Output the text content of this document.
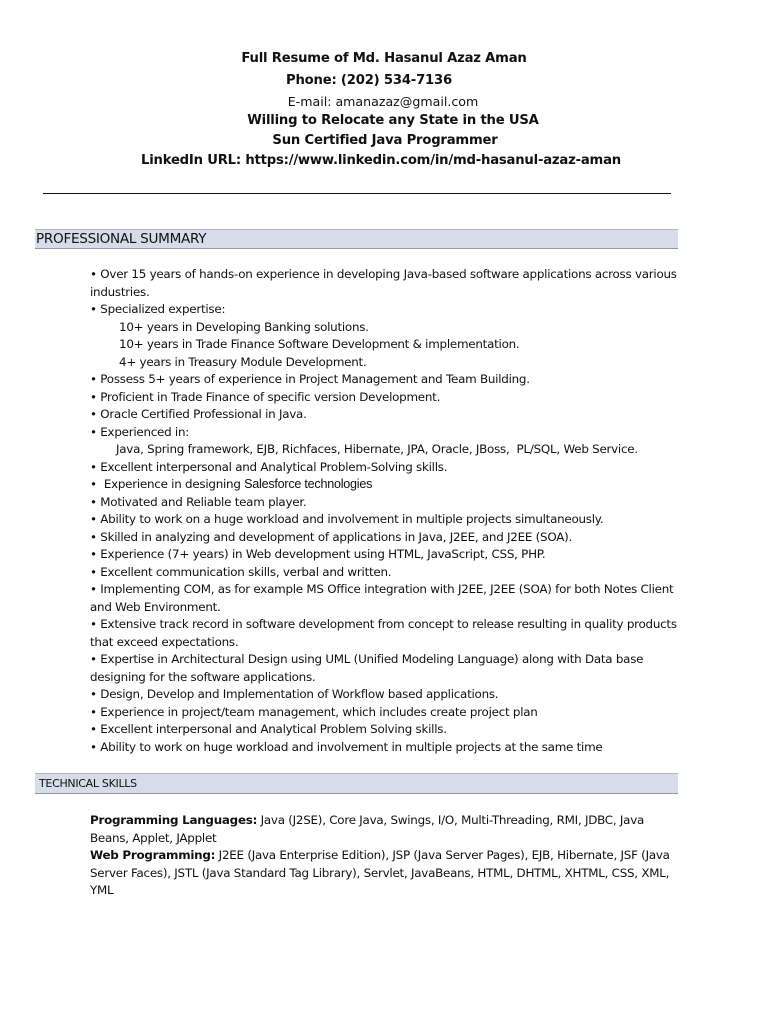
Full Resume of Md. Hasanul Azaz Aman
Phone: (202) 534-7136
E-mail: amanazaz@gmail.com
Willing to Relocate any State in the USA
Sun Certified Java Programmer
LinkedIn URL: https://www.linkedin.com/in/md-hasanul-azaz-aman
PROFESSIONAL SUMMARY
• Over 15 years of hands-on experience in developing Java-based software applications across various industries.
• Specialized expertise:
10+ years in Developing Banking solutions.
10+ years in Trade Finance Software Development & implementation.
4+ years in Treasury Module Development.
• Possess 5+ years of experience in Project Management and Team Building.
• Proficient in Trade Finance of specific version Development.
• Oracle Certified Professional in Java.
• Experienced in:
Java, Spring framework, EJB, Richfaces, Hibernate, JPA, Oracle, JBoss,  PL/SQL, Web Service.
• Excellent interpersonal and Analytical Problem-Solving skills.
•  Experience in designing Salesforce technologies
• Motivated and Reliable team player.
• Ability to work on a huge workload and involvement in multiple projects simultaneously.
• Skilled in analyzing and development of applications in Java, J2EE, and J2EE (SOA).
• Experience (7+ years) in Web development using HTML, JavaScript, CSS, PHP.
• Excellent communication skills, verbal and written.
• Implementing COM, as for example MS Office integration with J2EE, J2EE (SOA) for both Notes Client and Web Environment.
• Extensive track record in software development from concept to release resulting in quality products that exceed expectations.
• Expertise in Architectural Design using UML (Unified Modeling Language) along with Data base designing for the software applications.
• Design, Develop and Implementation of Workflow based applications.
• Experience in project/team management, which includes create project plan
• Excellent interpersonal and Analytical Problem Solving skills.
• Ability to work on huge workload and involvement in multiple projects at the same time
TECHNICAL SKILLS

Programming Languages: Java (J2SE), Core Java, Swings, I/O, Multi-Threading, RMI, JDBC, Java Beans, Applet, JApplet

Web Programming: J2EE (Java Enterprise Edition), JSP (Java Server Pages), EJB, Hibernate, JSF (Java Server Faces), JSTL (Java Standard Tag Library), Servlet, JavaBeans, HTML, DHTML, XHTML, CSS, XML, YML
